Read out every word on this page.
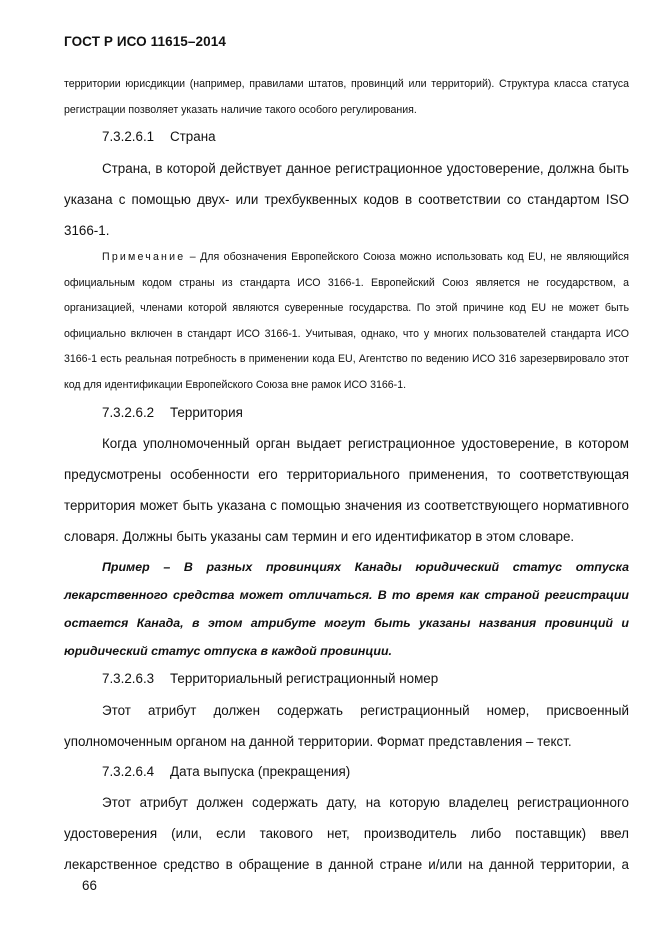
ГОСТ Р ИСО 11615–2014
территории юрисдикции (например, правилами штатов, провинций или территорий). Структура класса статуса регистрации позволяет указать наличие такого особого регулирования.
7.3.2.6.1 Страна
Страна, в которой действует данное регистрационное удостоверение, должна быть указана с помощью двух- или трехбуквенных кодов в соответствии со стандартом ISO 3166-1.
Примечание – Для обозначения Европейского Союза можно использовать код EU, не являющийся официальным кодом страны из стандарта ИСО 3166-1. Европейский Союз является не государством, а организацией, членами которой являются суверенные государства. По этой причине код EU не может быть официально включен в стандарт ИСО 3166-1. Учитывая, однако, что у многих пользователей стандарта ИСО 3166-1 есть реальная потребность в применении кода EU, Агентство по ведению ИСО 316 зарезервировало этот код для идентификации Европейского Союза вне рамок ИСО 3166-1.
7.3.2.6.2 Территория
Когда уполномоченный орган выдает регистрационное удостоверение, в котором предусмотрены особенности его территориального применения, то соответствующая территория может быть указана с помощью значения из соответствующего нормативного словаря. Должны быть указаны сам термин и его идентификатор в этом словаре.
Пример – В разных провинциях Канады юридический статус отпуска лекарственного средства может отличаться. В то время как страной регистрации остается Канада, в этом атрибуте могут быть указаны названия провинций и юридический статус отпуска в каждой провинции.
7.3.2.6.3 Территориальный регистрационный номер
Этот атрибут должен содержать регистрационный номер, присвоенный уполномоченным органом на данной территории. Формат представления – текст.
7.3.2.6.4 Дата выпуска (прекращения)
Этот атрибут должен содержать дату, на которую владелец регистрационного удостоверения (или, если такового нет, производитель либо поставщик) ввел лекарственное средство в обращение в данной стране и/или на данной территории, а
66
